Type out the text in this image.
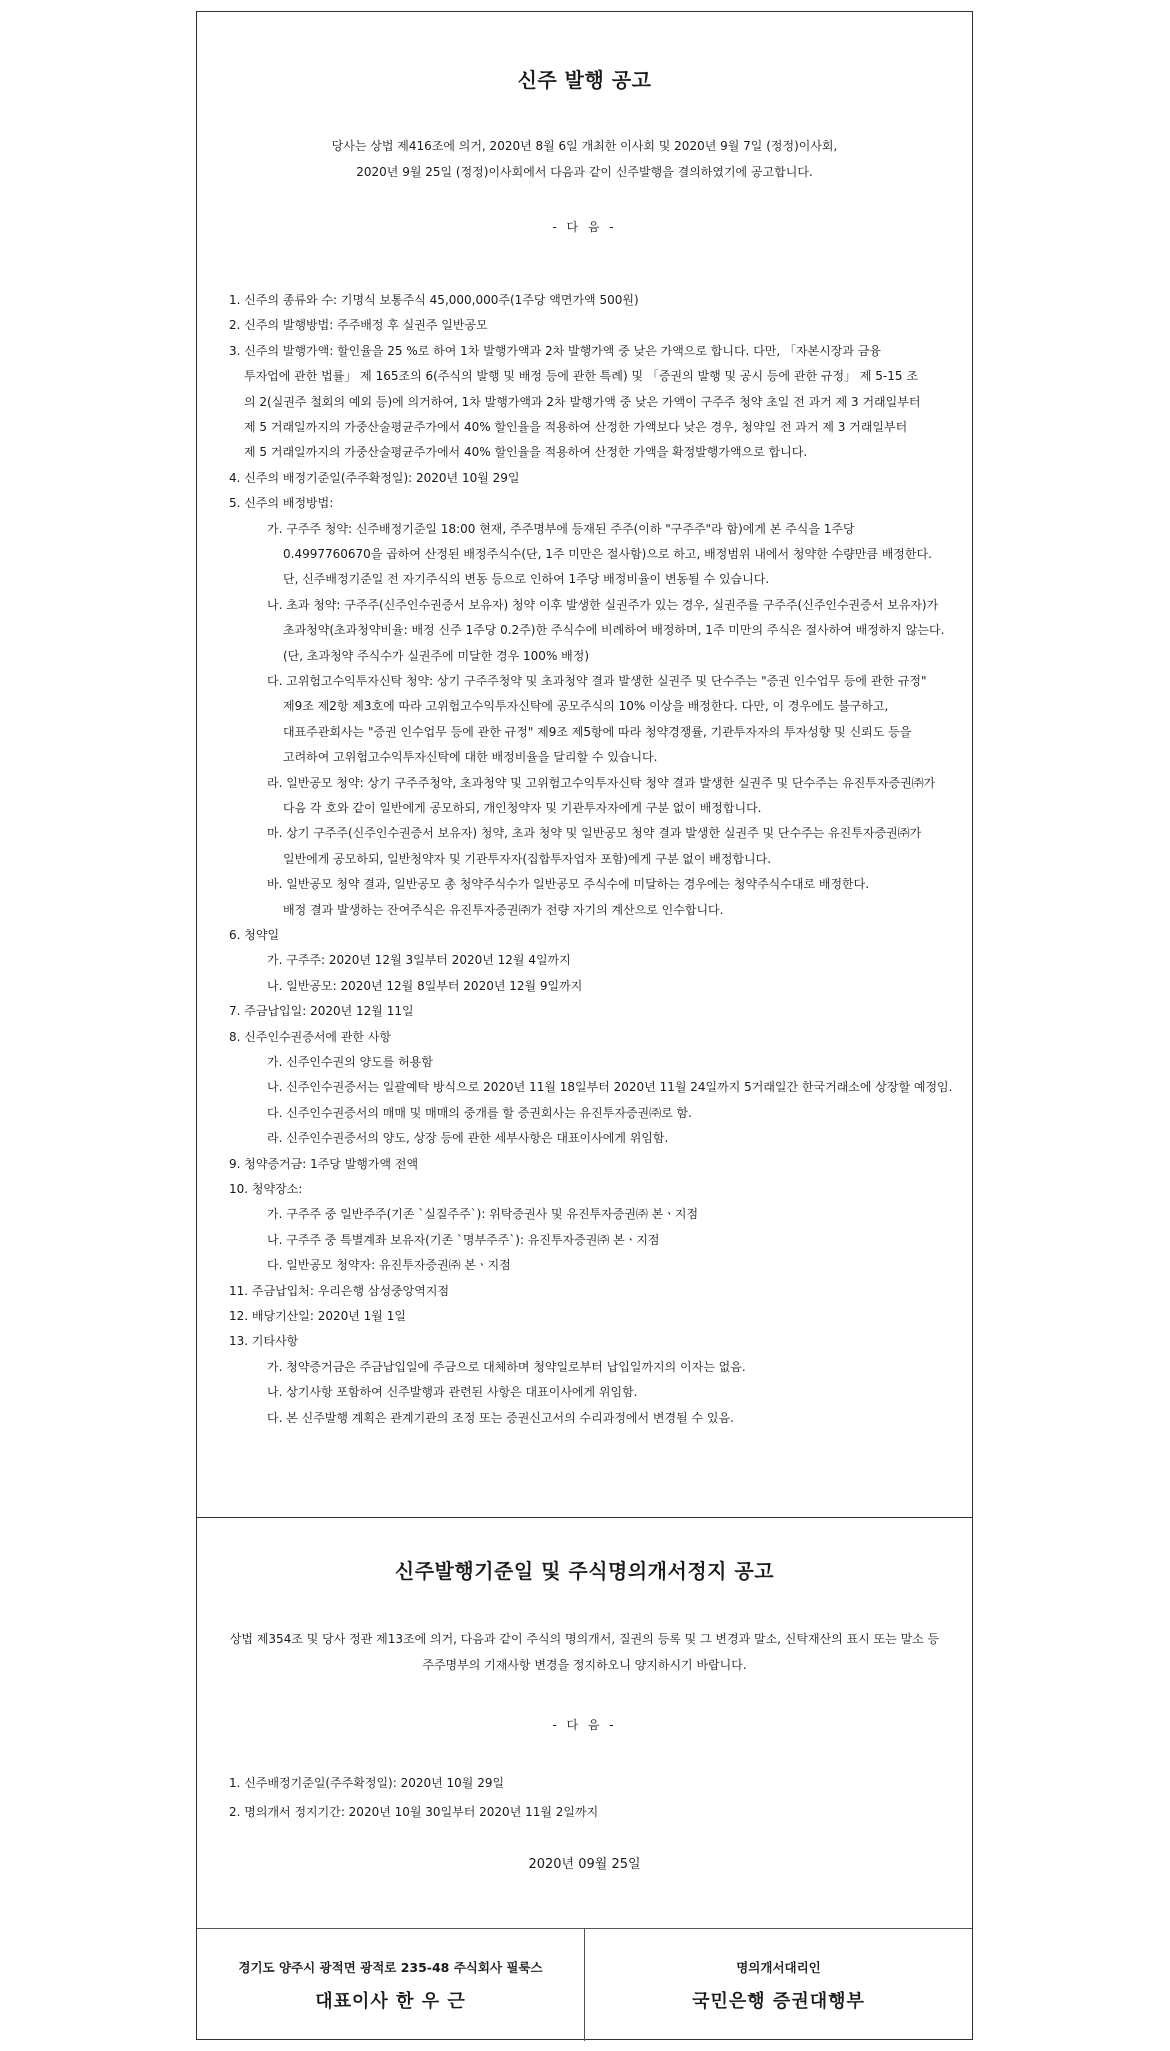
신주 발행 공고
당사는 상법 제416조에 의거, 2020년 8월 6일 개최한 이사회 및 2020년 9월 7일 (정정)이사회,
2020년 9월 25일 (정정)이사회에서 다음과 같이 신주발행을 결의하였기에 공고합니다.
- 다 음 -
1. 신주의 종류와 수: 기명식 보통주식 45,000,000주(1주당 액면가액 500원)
2. 신주의 발행방법: 주주배정 후 실권주 일반공모
3. 신주의 발행가액: 할인율을 25 %로 하여 1차 발행가액과 2차 발행가액 중 낮은 가액으로 합니다. 다만, 「자본시장과 금융
투자업에 관한 법률」 제 165조의 6(주식의 발행 및 배정 등에 관한 특례) 및 「증권의 발행 및 공시 등에 관한 규정」 제 5-15 조
의 2(실권주 철회의 예외 등)에 의거하여, 1차 발행가액과 2차 발행가액 중 낮은 가액이 구주주 청약 초일 전 과거 제 3 거래일부터
제 5 거래일까지의 가중산술평균주가에서 40% 할인율을 적용하여 산정한 가액보다 낮은 경우, 청약일 전 과거 제 3 거래일부터
제 5 거래일까지의 가중산술평균주가에서 40% 할인율을 적용하여 산정한 가액을 확정발행가액으로 합니다.
4. 신주의 배정기준일(주주확정일): 2020년 10월 29일
5. 신주의 배정방법:
가. 구주주 청약: 신주배정기준일 18:00 현재, 주주명부에 등재된 주주(이하 "구주주"라 함)에게 본 주식을 1주당
0.4997760670을 곱하여 산정된 배정주식수(단, 1주 미만은 절사함)으로 하고, 배정범위 내에서 청약한 수량만큼 배정한다.
단, 신주배정기준일 전 자기주식의 변동 등으로 인하여 1주당 배정비율이 변동될 수 있습니다.
나. 초과 청약: 구주주(신주인수권증서 보유자) 청약 이후 발생한 실권주가 있는 경우, 실권주를 구주주(신주인수권증서 보유자)가
초과청약(초과청약비율: 배정 신주 1주당 0.2주)한 주식수에 비례하여 배정하며, 1주 미만의 주식은 절사하여 배정하지 않는다.
(단, 초과청약 주식수가 실권주에 미달한 경우 100% 배정)
다. 고위험고수익투자신탁 청약: 상기 구주주청약 및 초과청약 결과 발생한 실권주 및 단수주는 "증권 인수업무 등에 관한 규정"
제9조 제2항 제3호에 따라 고위험고수익투자신탁에 공모주식의 10% 이상을 배정한다. 다만, 이 경우에도 불구하고,
대표주관회사는 "증권 인수업무 등에 관한 규정" 제9조 제5항에 따라 청약경쟁률, 기관투자자의 투자성향 및 신뢰도 등을
고려하여 고위험고수익투자신탁에 대한 배정비율을 달리할 수 있습니다.
라. 일반공모 청약: 상기 구주주청약, 초과청약 및 고위험고수익투자신탁 청약 결과 발생한 실권주 및 단수주는 유진투자증권㈜가
다음 각 호와 같이 일반에게 공모하되, 개인청약자 및 기관투자자에게 구분 없이 배정합니다.
마. 상기 구주주(신주인수권증서 보유자) 청약, 초과 청약 및 일반공모 청약 결과 발생한 실권주 및 단수주는 유진투자증권㈜가
일반에게 공모하되, 일반청약자 및 기관투자자(집합투자업자 포함)에게 구분 없이 배정합니다.
바. 일반공모 청약 결과, 일반공모 총 청약주식수가 일반공모 주식수에 미달하는 경우에는 청약주식수대로 배정한다.
배정 결과 발생하는 잔여주식은 유진투자증권㈜가 전량 자기의 계산으로 인수합니다.
6. 청약일
가. 구주주: 2020년 12월 3일부터 2020년 12월 4일까지
나. 일반공모: 2020년 12월 8일부터 2020년 12월 9일까지
7. 주금납입일: 2020년 12월 11일
8. 신주인수권증서에 관한 사항
가. 신주인수권의 양도를 허용함
나. 신주인수권증서는 일괄예탁 방식으로 2020년 11월 18일부터 2020년 11월 24일까지 5거래일간 한국거래소에 상장할 예정임.
다. 신주인수권증서의 매매 및 매매의 중개를 할 증권회사는 유진투자증권㈜로 함.
라. 신주인수권증서의 양도, 상장 등에 관한 세부사항은 대표이사에게 위임함.
9. 청약증거금: 1주당 발행가액 전액
10. 청약장소:
가. 구주주 중 일반주주(기존 `실질주주`): 위탁증권사 및 유진투자증권㈜ 본ㆍ지점
나. 구주주 중 특별계좌 보유자(기존 `명부주주`): 유진투자증권㈜ 본ㆍ지점
다. 일반공모 청약자: 유진투자증권㈜ 본ㆍ지점
11. 주금납입처: 우리은행 삼성중앙역지점
12. 배당기산일: 2020년 1월 1일
13. 기타사항
가. 청약증거금은 주금납입일에 주금으로 대체하며 청약일로부터 납입일까지의 이자는 없음.
나. 상기사항 포함하여 신주발행과 관련된 사항은 대표이사에게 위임함.
다. 본 신주발행 계획은 관계기관의 조정 또는 증권신고서의 수리과정에서 변경될 수 있음.
신주발행기준일 및 주식명의개서정지 공고
상법 제354조 및 당사 정관 제13조에 의거, 다음과 같이 주식의 명의개서, 질권의 등록 및 그 변경과 말소, 신탁재산의 표시 또는 말소 등
주주명부의 기재사항 변경을 정지하오니 양지하시기 바랍니다.
- 다 음 -
1. 신주배정기준일(주주확정일): 2020년 10월 29일
2. 명의개서 정지기간: 2020년 10월 30일부터 2020년 11월 2일까지
2020년 09월 25일
경기도 양주시 광적면 광적로 235-48 주식회사 필룩스
대표이사 한 우 근
명의개서대리인
국민은행 증권대행부
